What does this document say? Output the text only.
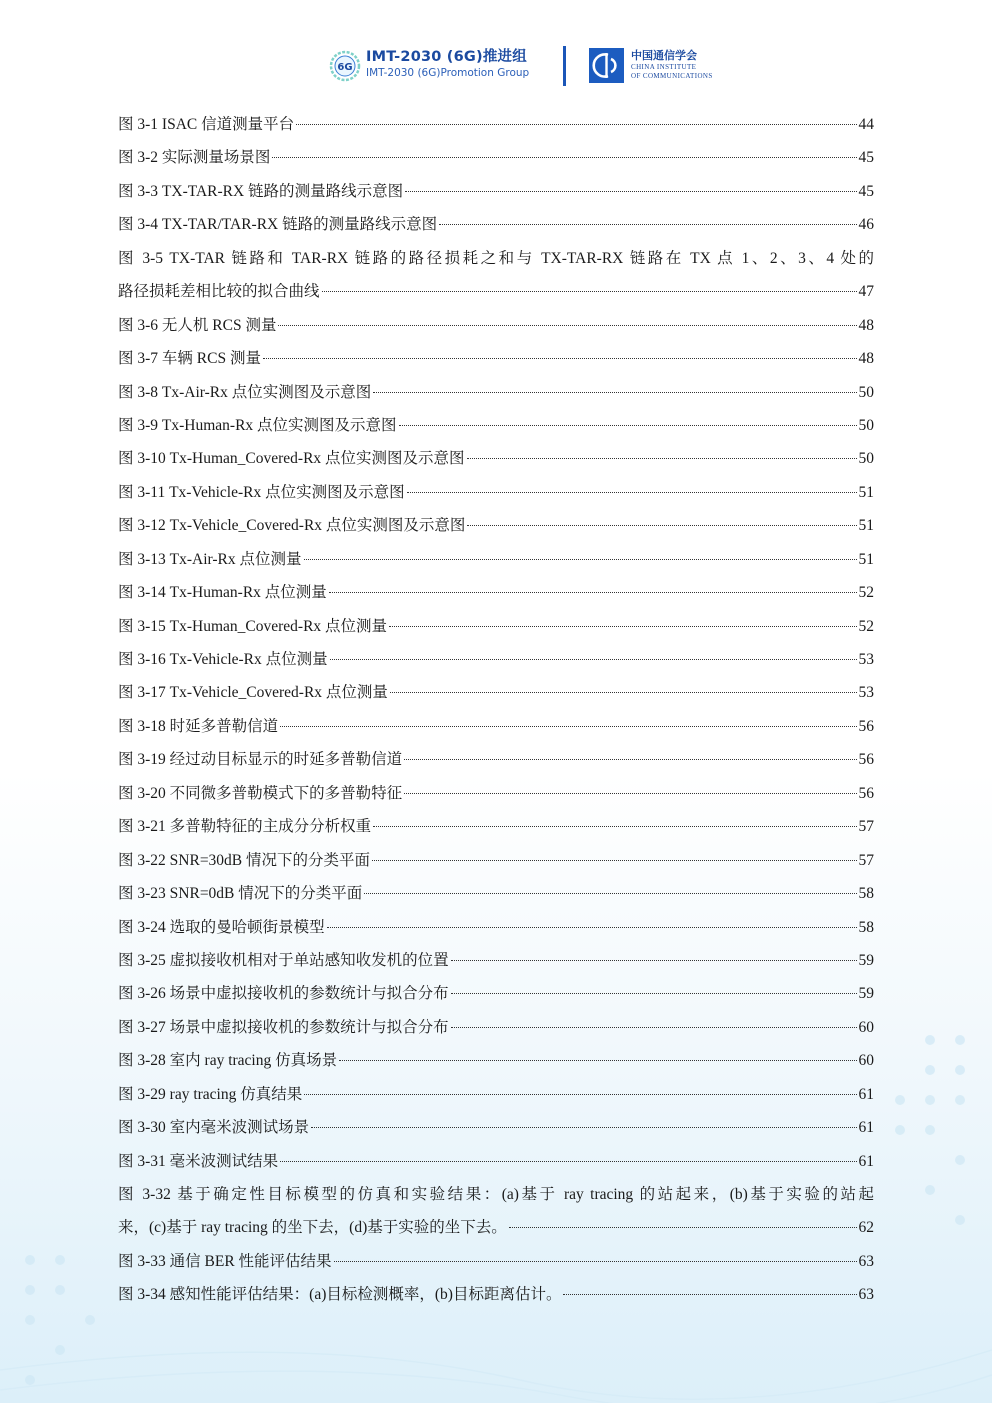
6G
IMT-2030 (6G)推进组
IMT-2030 (6G)Promotion Group
中国通信学会
CHINA INSTITUTE
OF COMMUNICATIONS
图 3-1 ISAC 信道测量平台	44
图 3-2 实际测量场景图	45
图 3-3 TX-TAR-RX 链路的测量路线示意图	45
图 3-4 TX-TAR/TAR-RX 链路的测量路线示意图	46
图 3-5 TX-TAR 链路和 TAR-RX 链路的路径损耗之和与 TX-TAR-RX 链路在 TX 点 1、2、3、4 处的
路径损耗差相比较的拟合曲线	47
图 3-6 无人机 RCS 测量	48
图 3-7 车辆 RCS 测量	48
图 3-8 Tx-Air-Rx 点位实测图及示意图	50
图 3-9 Tx-Human-Rx 点位实测图及示意图	50
图 3-10 Tx-Human_Covered-Rx 点位实测图及示意图	50
图 3-11 Tx-Vehicle-Rx 点位实测图及示意图	51
图 3-12 Tx-Vehicle_Covered-Rx 点位实测图及示意图	51
图 3-13 Tx-Air-Rx 点位测量	51
图 3-14 Tx-Human-Rx 点位测量	52
图 3-15 Tx-Human_Covered-Rx 点位测量	52
图 3-16 Tx-Vehicle-Rx 点位测量	53
图 3-17 Tx-Vehicle_Covered-Rx 点位测量	53
图 3-18 时延多普勒信道	56
图 3-19 经过动目标显示的时延多普勒信道	56
图 3-20 不同微多普勒模式下的多普勒特征	56
图 3-21 多普勒特征的主成分分析权重	57
图 3-22 SNR=30dB 情况下的分类平面	57
图 3-23 SNR=0dB 情况下的分类平面	58
图 3-24 选取的曼哈顿街景模型	58
图 3-25 虚拟接收机相对于单站感知收发机的位置	59
图 3-26 场景中虚拟接收机的参数统计与拟合分布	59
图 3-27 场景中虚拟接收机的参数统计与拟合分布	60
图 3-28 室内 ray tracing 仿真场景	60
图 3-29 ray tracing 仿真结果	61
图 3-30 室内毫米波测试场景	61
图 3-31 毫米波测试结果	61
图 3-32 基于确定性目标模型的仿真和实验结果：(a)基于 ray tracing 的站起来，(b)基于实验的站起
来，(c)基于 ray tracing 的坐下去，(d)基于实验的坐下去。	62
图 3-33 通信 BER 性能评估结果	63
图 3-34 感知性能评估结果：(a)目标检测概率，(b)目标距离估计。	63
